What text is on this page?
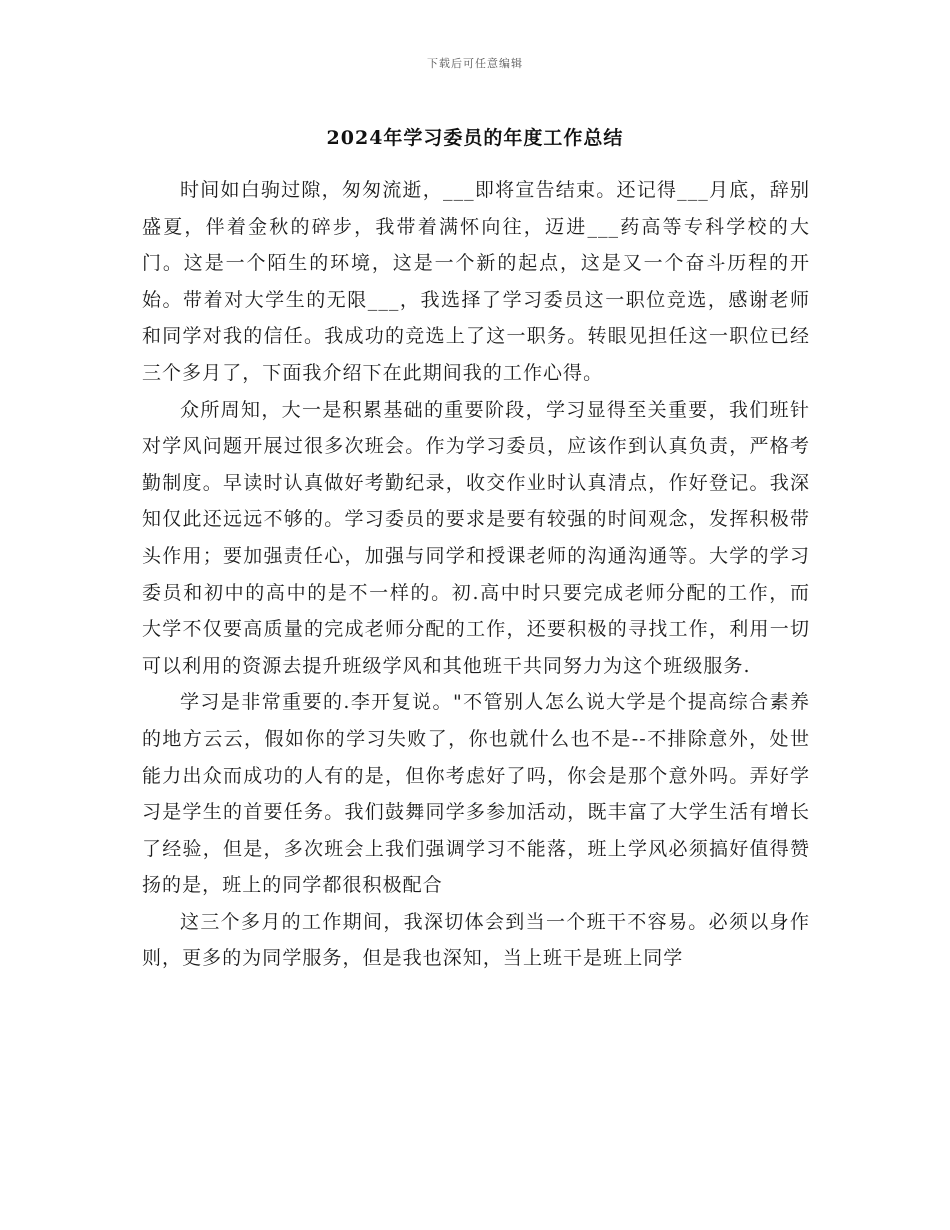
下载后可任意编辑
2024年学习委员的年度工作总结

时间如白驹过隙，匆匆流逝，___即将宣告结束。还记得___月底，辞别盛夏，伴着金秋的碎步，我带着满怀向往，迈进___药高等专科学校的大门。这是一个陌生的环境，这是一个新的起点，这是又一个奋斗历程的开始。带着对大学生的无限___，我选择了学习委员这一职位竞选，感谢老师和同学对我的信任。我成功的竞选上了这一职务。转眼见担任这一职位已经三个多月了，下面我介绍下在此期间我的工作心得。

众所周知，大一是积累基础的重要阶段，学习显得至关重要，我们班针对学风问题开展过很多次班会。作为学习委员，应该作到认真负责，严格考勤制度。早读时认真做好考勤纪录，收交作业时认真清点，作好登记。我深知仅此还远远不够的。学习委员的要求是要有较强的时间观念，发挥积极带头作用；要加强责任心，加强与同学和授课老师的沟通沟通等。大学的学习委员和初中的高中的是不一样的。初.高中时只要完成老师分配的工作，而大学不仅要高质量的完成老师分配的工作，还要积极的寻找工作，利用一切可以利用的资源去提升班级学风和其他班干共同努力为这个班级服务.

学习是非常重要的.李开复说。"不管别人怎么说大学是个提高综合素养的地方云云，假如你的学习失败了，你也就什么也不是--不排除意外，处世能力出众而成功的人有的是，但你考虑好了吗，你会是那个意外吗。弄好学习是学生的首要任务。我们鼓舞同学多参加活动，既丰富了大学生活有增长了经验，但是，多次班会上我们强调学习不能落，班上学风必须搞好值得赞扬的是，班上的同学都很积极配合

这三个多月的工作期间，我深切体会到当一个班干不容易。必须以身作则，更多的为同学服务，但是我也深知，当上班干是班上同学
